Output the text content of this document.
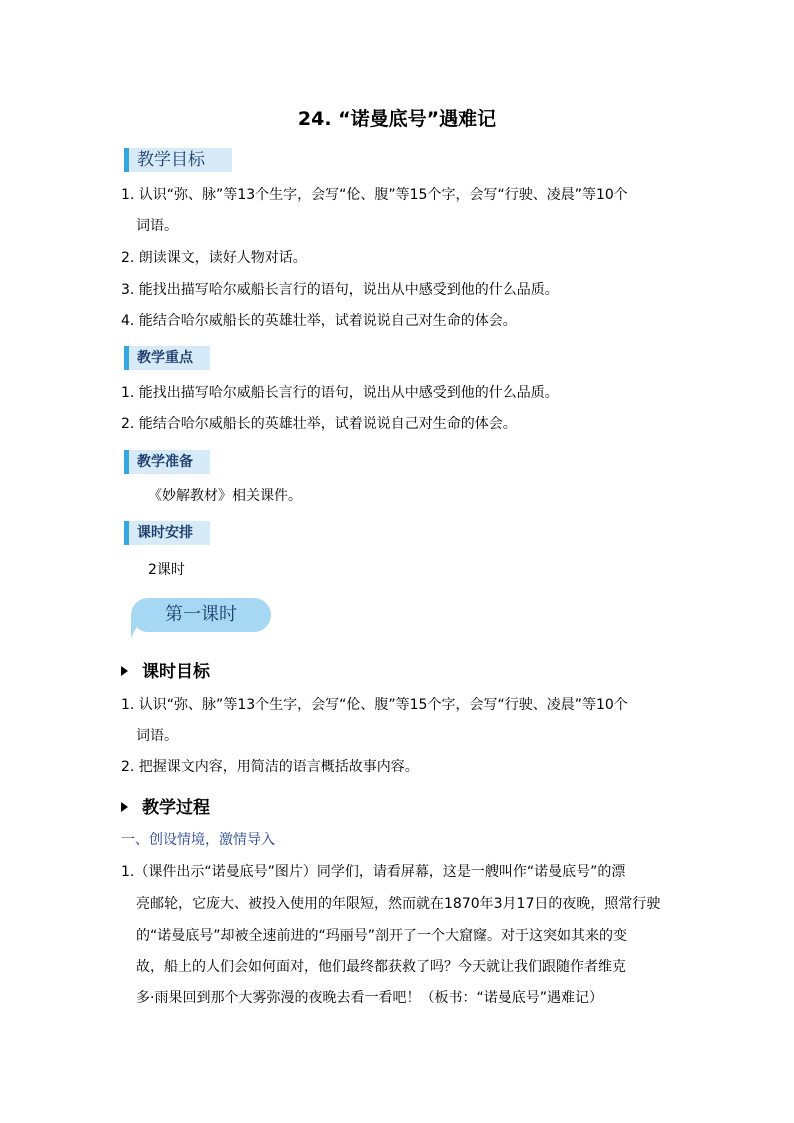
24. “诺曼底号”遇难记
教学目标
1. 认识“弥、脉”等13个生字，会写“伦、腹”等15个字，会写“行驶、凌晨”等10个
词语。
2. 朗读课文，读好人物对话。
3. 能找出描写哈尔威船长言行的语句，说出从中感受到他的什么品质。
4. 能结合哈尔威船长的英雄壮举，试着说说自己对生命的体会。
教学重点
1. 能找出描写哈尔威船长言行的语句，说出从中感受到他的什么品质。
2. 能结合哈尔威船长的英雄壮举，试着说说自己对生命的体会。
教学准备
《妙解教材》相关课件。
课时安排
2课时
第一课时
课时目标
1. 认识“弥、脉”等13个生字，会写“伦、腹”等15个字，会写“行驶、凌晨”等10个
词语。
2. 把握课文内容，用简洁的语言概括故事内容。
教学过程
一、创设情境，激情导入
1.（课件出示“诺曼底号”图片）同学们，请看屏幕，这是一艘叫作“诺曼底号”的漂
亮邮轮，它庞大、被投入使用的年限短，然而就在1870年3月17日的夜晚，照常行驶
的“诺曼底号”却被全速前进的“玛丽号”剖开了一个大窟窿。对于这突如其来的变
故，船上的人们会如何面对，他们最终都获救了吗？今天就让我们跟随作者维克
多·雨果回到那个大雾弥漫的夜晚去看一看吧！（板书：“诺曼底号”遇难记）
